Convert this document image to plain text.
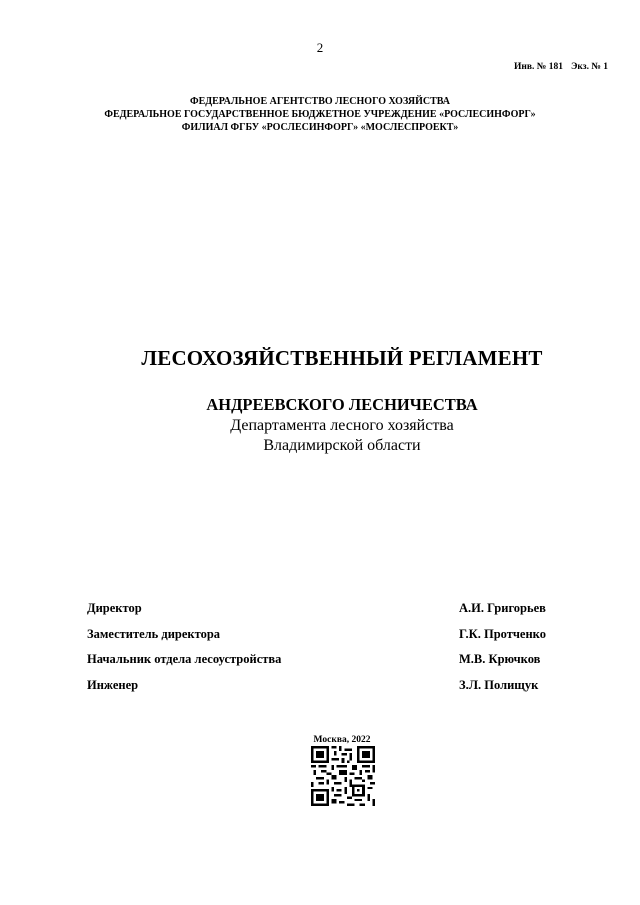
2
Инв. № 181 Экз. № 1
ФЕДЕРАЛЬНОЕ АГЕНТСТВО ЛЕСНОГО ХОЗЯЙСТВА
ФЕДЕРАЛЬНОЕ ГОСУДАРСТВЕННОЕ БЮДЖЕТНОЕ УЧРЕЖДЕНИЕ «РОСЛЕСИНФОРГ»
ФИЛИАЛ ФГБУ «РОСЛЕСИНФОРГ» «МОСЛЕСПРОЕКТ»
ЛЕСОХОЗЯЙСТВЕННЫЙ РЕГЛАМЕНТ
АНДРЕЕВСКОГО ЛЕСНИЧЕСТВА
Департамента лесного хозяйства
Владимирской области
Директор	А.И. Григорьев
Заместитель директора	Г.К. Протченко
Начальник отдела лесоустройства	М.В. Крючков
Инженер	З.Л. Полищук
Москва, 2022
